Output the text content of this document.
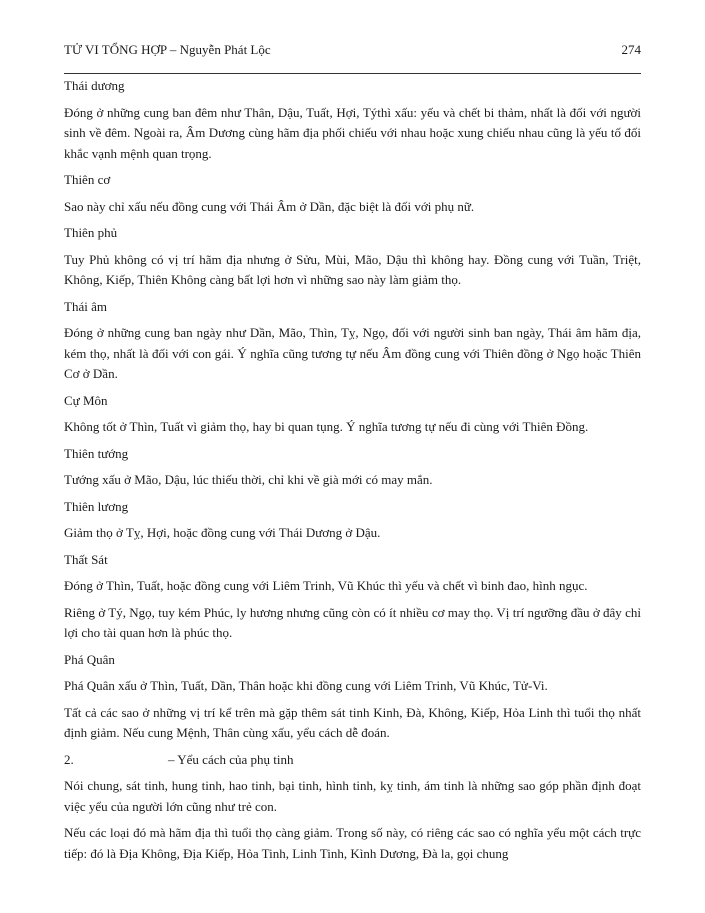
TỬ VI TỔNG HỢP – Nguyễn Phát Lộc	274

Thái dương

Đóng ở những cung ban đêm như Thân, Dậu, Tuất, Hợi, Týthì xấu: yếu và chết bi thảm, nhất là đối với người sinh về đêm. Ngoài ra, Âm Dương cùng hãm địa phối chiếu với nhau hoặc xung chiếu nhau cũng là yếu tố đối khắc vạnh mệnh quan trọng.

Thiên cơ

Sao này chỉ xấu nếu đồng cung với Thái Âm ở Dần, đặc biệt là đối với phụ nữ.

Thiên phủ

Tuy Phủ không có vị trí hãm địa nhưng ở Sửu, Mùi, Mão, Dậu thì không hay. Đồng cung với Tuần, Triệt, Không, Kiếp, Thiên Không càng bất lợi hơn vì những sao này làm giảm thọ.

Thái âm

Đóng ở những cung ban ngày như Dần, Mão, Thìn, Tỵ, Ngọ, đối với người sinh ban ngày, Thái âm hãm địa, kém thọ, nhất là đối với con gái. Ý nghĩa cũng tương tự nếu Âm đồng cung với Thiên đồng ở Ngọ hoặc Thiên Cơ ở Dần.

Cự Môn

Không tốt ở Thìn, Tuất vì giảm thọ, hay bi quan tụng. Ý nghĩa tương tự nếu đi cùng với Thiên Đồng.

Thiên tướng

Tướng xấu ở Mão, Dậu, lúc thiếu thời, chỉ khi về già mới có may mắn.

Thiên lương

Giảm thọ ở Tỵ, Hợi, hoặc đồng cung với Thái Dương ở Dậu.

Thất Sát

Đóng ở Thìn, Tuất, hoặc đồng cung với Liêm Trinh, Vũ Khúc thì yếu và chết vì binh đao, hình ngục.

Riêng ở Tý, Ngọ, tuy kém Phúc, ly hương nhưng cũng còn có ít nhiều cơ may thọ. Vị trí ngưỡng đầu ở đây chỉ lợi cho tài quan hơn là phúc thọ.

Phá Quân

Phá Quân xấu ở Thìn, Tuất, Dần, Thân hoặc khi đồng cung với Liêm Trinh, Vũ Khúc, Tử-Vi.

Tất cả các sao ở những vị trí kể trên mà gặp thêm sát tinh Kinh, Đà, Không, Kiếp, Hỏa Linh thì tuổi thọ nhất định giảm. Nếu cung Mệnh, Thân cùng xấu, yểu cách dễ đoán.

2.	– Yểu cách của phụ tinh

Nói chung, sát tinh, hung tinh, hao tinh, bại tinh, hình tinh, kỵ tinh, ám tinh là những sao góp phần định đoạt việc yểu của người lớn cũng như trẻ con.

Nếu các loại đó mà hãm địa thì tuổi thọ càng giảm. Trong số này, có riêng các sao có nghĩa yểu một cách trực tiếp: đó là Địa Không, Địa Kiếp, Hỏa Tinh, Linh Tinh, Kình Dương, Đà la, gọi chung
